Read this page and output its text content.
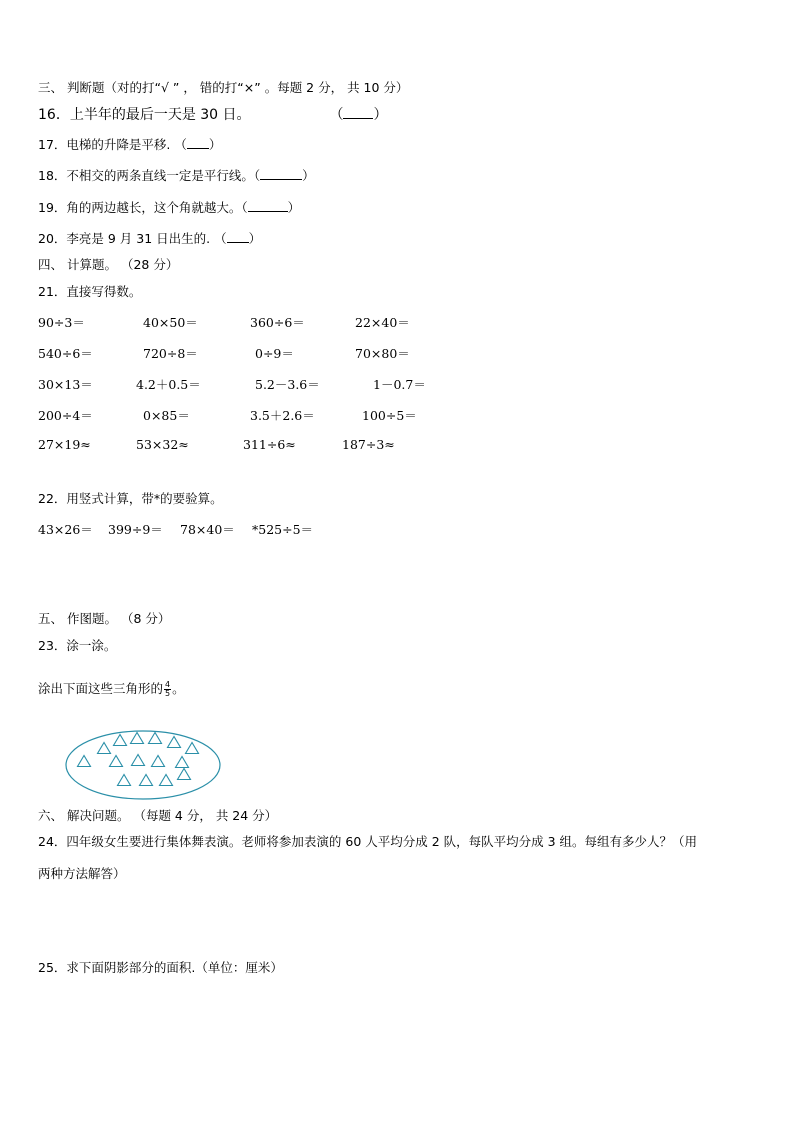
三、 判断题（对的打“√ ” ， 错的打“×” 。每题 2 分， 共 10 分）
16．上半年的最后一天是 30 日。	（ ）
17．电梯的升降是平移. （ ）
18．不相交的两条直线一定是平行线。（	）
19．角的两边越长，这个角就越大。（	）
20．李亮是 9 月 31 日出生的. （ ）
四、 计算题。 （28 分）
21．直接写得数。
90÷3＝	40×50＝	360÷6＝	22×40＝
540÷6＝	720÷8＝	0÷9＝	70×80＝
30×13＝	4.2＋0.5＝	5.2－3.6＝	1－0.7＝
200÷4＝	0×85＝	3.5＋2.6＝	100÷5＝
27×19≈	53×32≈	311÷6≈	187÷3≈
22．用竖式计算，带*的要验算。
43×26＝ 399÷9＝ 78×40＝ *525÷5＝
五、 作图题。 （8 分）
23．涂一涂。
涂出下面这些三角形的 $\frac{4}{5}$ 。
六、 解决问题。 （每题 4 分， 共 24 分）
24．四年级女生要进行集体舞表演。老师将参加表演的 60 人平均分成 2 队，每队平均分成 3 组。每组有多少人？（用
两种方法解答）
25．求下面阴影部分的面积.（单位：厘米）
